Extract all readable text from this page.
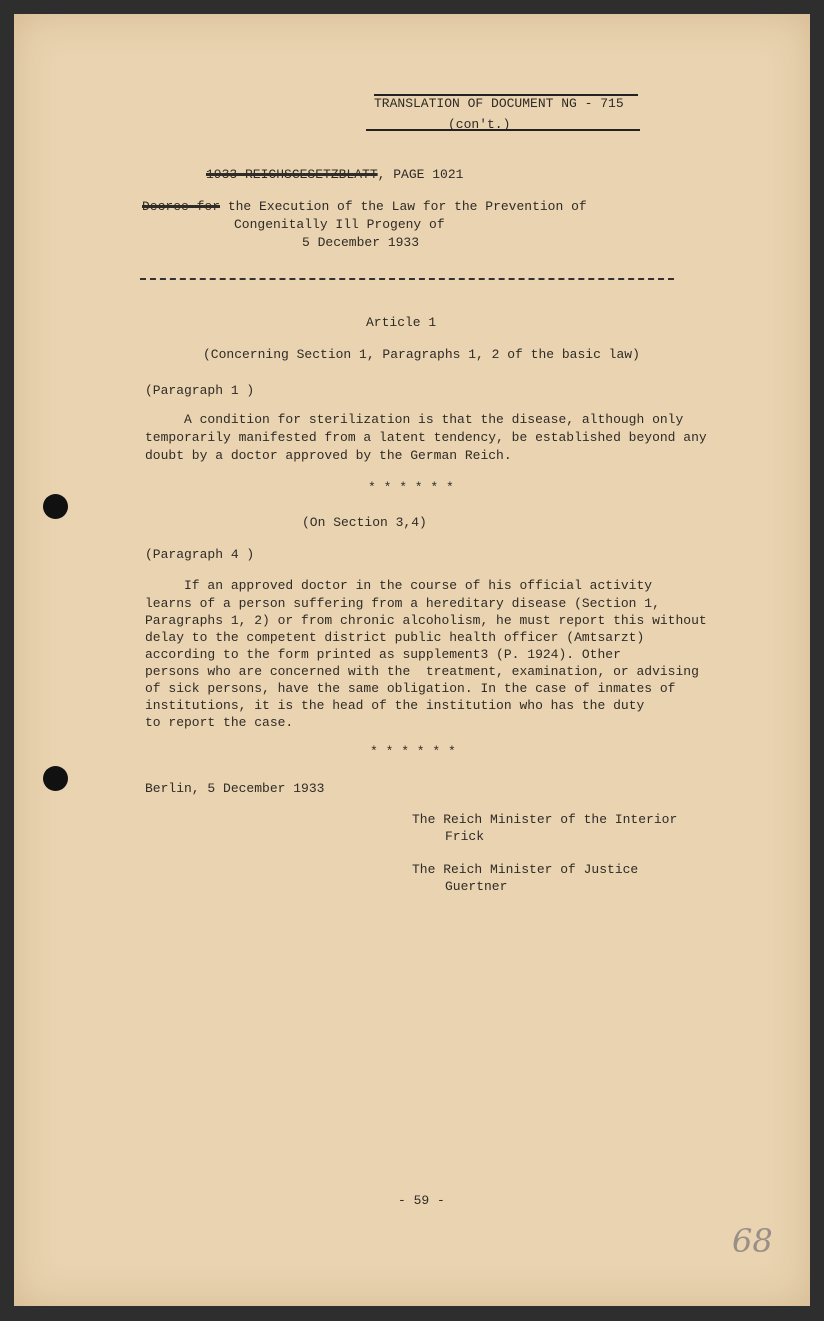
TRANSLATION OF DOCUMENT NG - 715
(con't.)
1933 REICHSGESETZBLATT, PAGE 1021
Decree for the Execution of the Law for the Prevention of
Congenitally Ill Progeny of
5 December 1933
Article 1
(Concerning Section 1, Paragraphs 1, 2 of the basic law)
(Paragraph 1 )
A condition for sterilization is that the disease, although only
temporarily manifested from a latent tendency, be established beyond any
doubt by a doctor approved by the German Reich.
* * * * * *
(On Section 3,4)
(Paragraph 4 )
If an approved doctor in the course of his official activity
learns of a person suffering from a hereditary disease (Section 1,
Paragraphs 1, 2) or from chronic alcoholism, he must report this without
delay to the competent district public health officer (Amtsarzt)
according to the form printed as supplement3 (P. 1924). Other
persons who are concerned with the  treatment, examination, or advising
of sick persons, have the same obligation. In the case of inmates of
institutions, it is the head of the institution who has the duty
to report the case.
* * * * * *
Berlin, 5 December 1933
The Reich Minister of the Interior
Frick
The Reich Minister of Justice
Guertner
- 59 -
68
